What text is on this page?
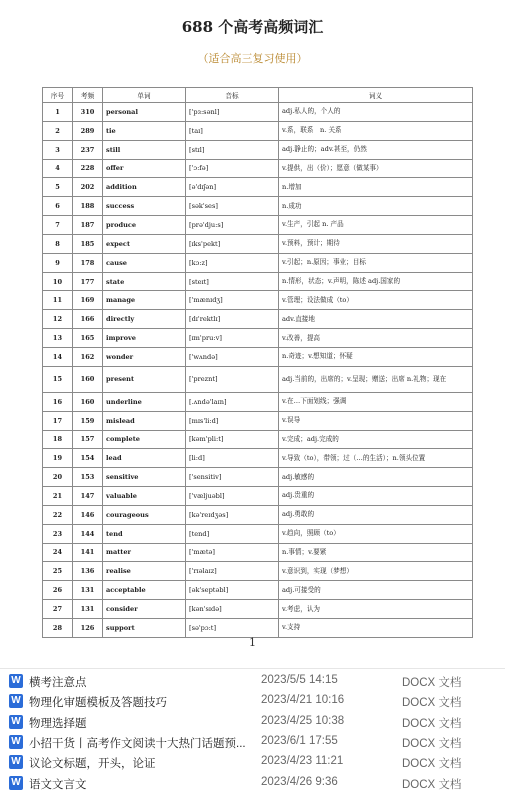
688 个高考高频词汇
（适合高三复习使用）
序号	考频	单词	音标	词义
1	310	personal	['pɜ:sənl]	adj.私人的，个人的
2	289	tie	[taɪ]	v.系，联系　n. 关系
3	237	still	[stɪl]	adj.静止的；adv.甚至，仍然
4	228	offer	['ɔ:fə]	v.提供，出（价）；愿意（做某事）
5	202	addition	[ə'dɪʃən]	n.增加
6	188	success	[sək'ses]	n.成功
7	187	produce	[prə'dju:s]	v.生产，引起 n. 产品
8	185	expect	[ɪks'pekt]	v.预料，预计；期待
9	178	cause	[kɔ:z]	v.引起；n.原因；事业；目标
10	177	state	[steɪt]	n.情形，状态；v.声明，陈述 adj.国家的
11	169	manage	['mænɪdʒ]	v.管理；设法做成（to）
12	166	directly	[dɪ'rektlɪ]	adv.直接地
13	165	improve	[ɪm'pru:v]	v.改善，提高
14	162	wonder	['wʌndə]	n.奇迹；v.想知道；怀疑
15	160	present	['preznt]	adj.当前的，出席的；v.呈现；赠送；出席 n.礼物；现在
16	160	underline	[.ʌndə'laɪn]	v.在…下面划线；强调
17	159	mislead	[mɪs'li:d]	v.误导
18	157	complete	[kəm'pli:t]	v.完成；adj.完成的
19	154	lead	[li:d]	v.导致（to），带领；过（…的生活）；n.领头位置
20	153	sensitive	['sensitiv]	adj.敏感的
21	147	valuable	['væljuəbl]	adj.贵重的
22	146	courageous	[kə'reɪdʒəs]	adj.勇敢的
23	144	tend	[tend]	v.趋向，照顾（to）
24	141	matter	['mætə]	n.事情；v.要紧
25	136	realise	['rɪəlaɪz]	v.意识到，实现（梦想）
26	131	acceptable	[ək'septəbl]	adj.可接受的
27	131	consider	[kən'sɪdə]	v.考虑，认为
28	126	support	[sə'pɔ:t]	v.支持
1
W 横考注意点	2023/5/5 14:15	DOCX 文档
W 物理化审题模板及答题技巧	2023/4/21 10:16	DOCX 文档
W 物理选择题	2023/4/25 10:38	DOCX 文档
W 小招干货丨高考作文阅读十大热门话题预...	2023/6/1 17:55	DOCX 文档
W 议论文标题，开头，论证	2023/4/23 11:21	DOCX 文档
W 语文文言文	2023/4/26 9:36	DOCX 文档
